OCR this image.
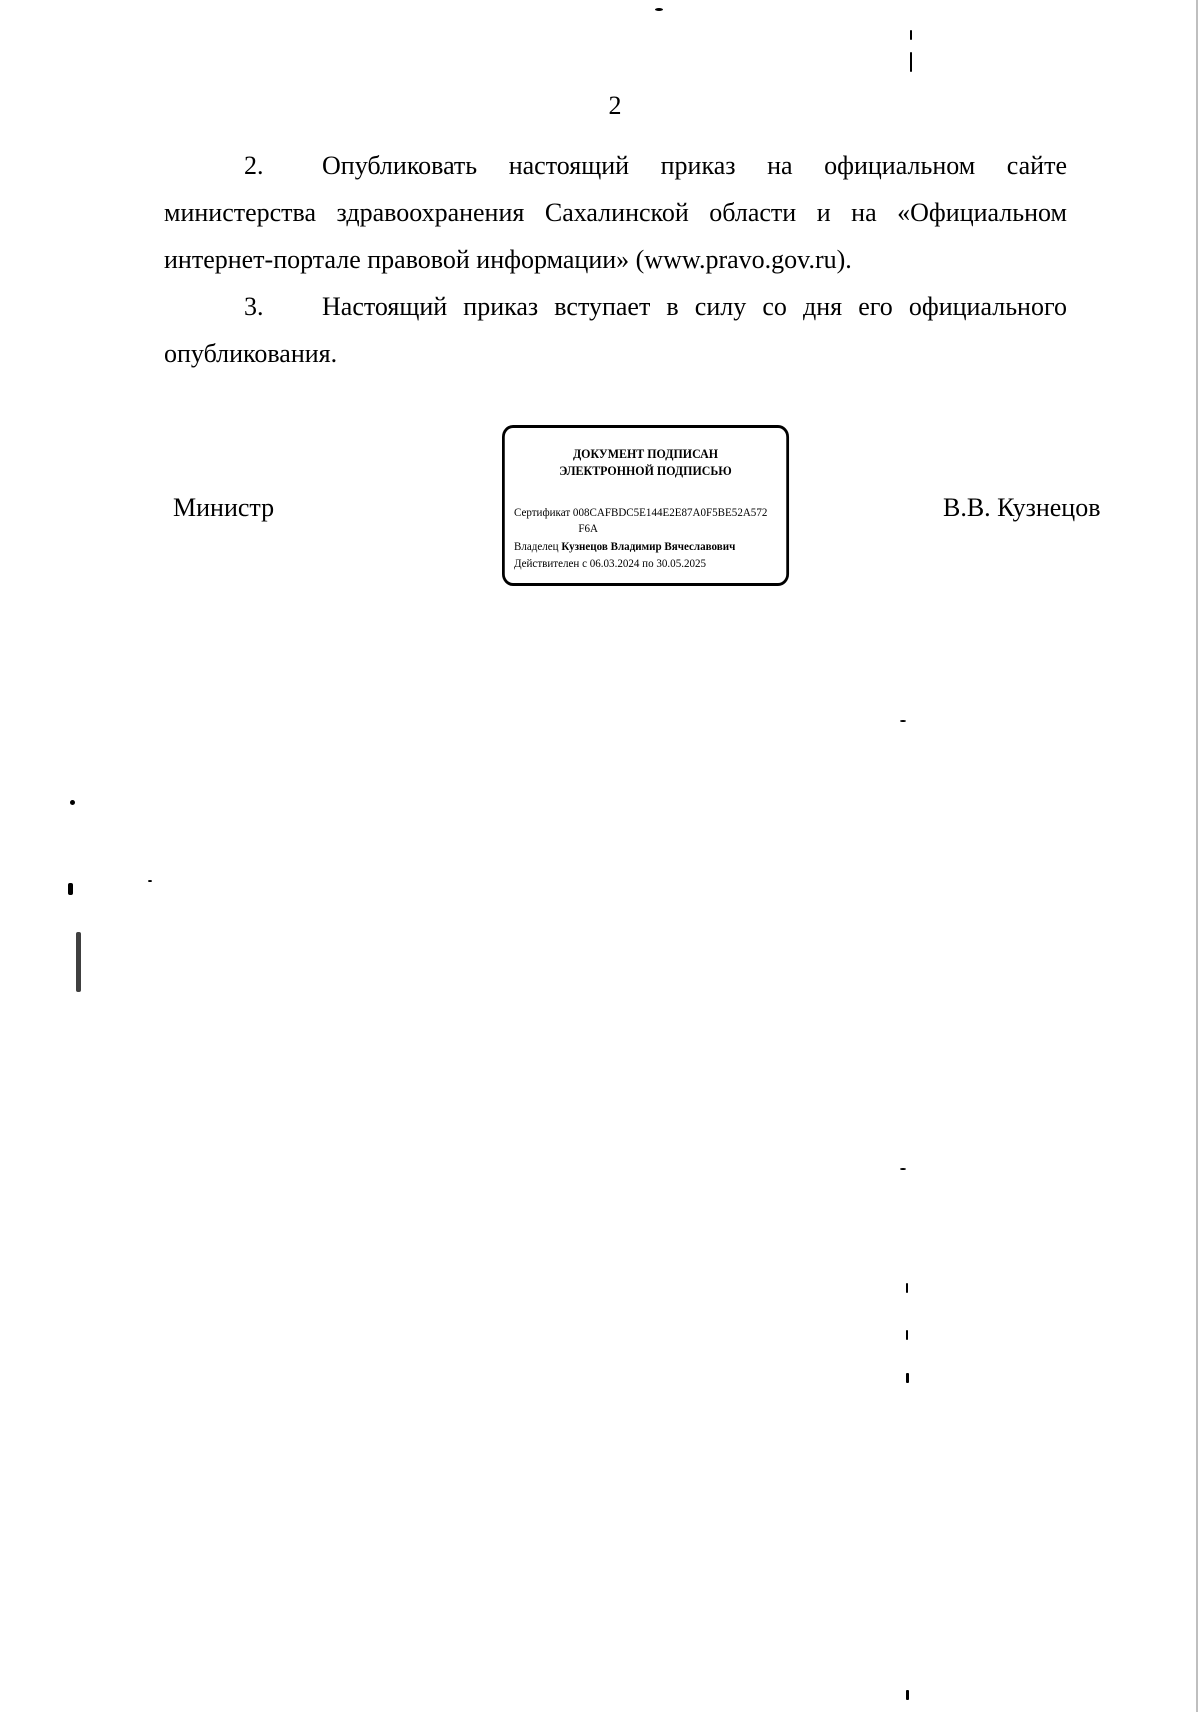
2

2. Опубликовать настоящий приказ на официальном сайте министерства здравоохранения Сахалинской области и на «Официальном интернет-портале правовой информации» (www.pravo.gov.ru).

3. Настоящий приказ вступает в силу со дня его официального опубликования.

Министр	В.В. Кузнецов
ДОКУМЕНТ ПОДПИСАН
ЭЛЕКТРОННОЙ ПОДПИСЬЮ
Сертификат 008CAFBDC5E144E2E87A0F5BE52A572
F6A
Владелец Кузнецов Владимир Вячеславович
Действителен с 06.03.2024 по 30.05.2025
